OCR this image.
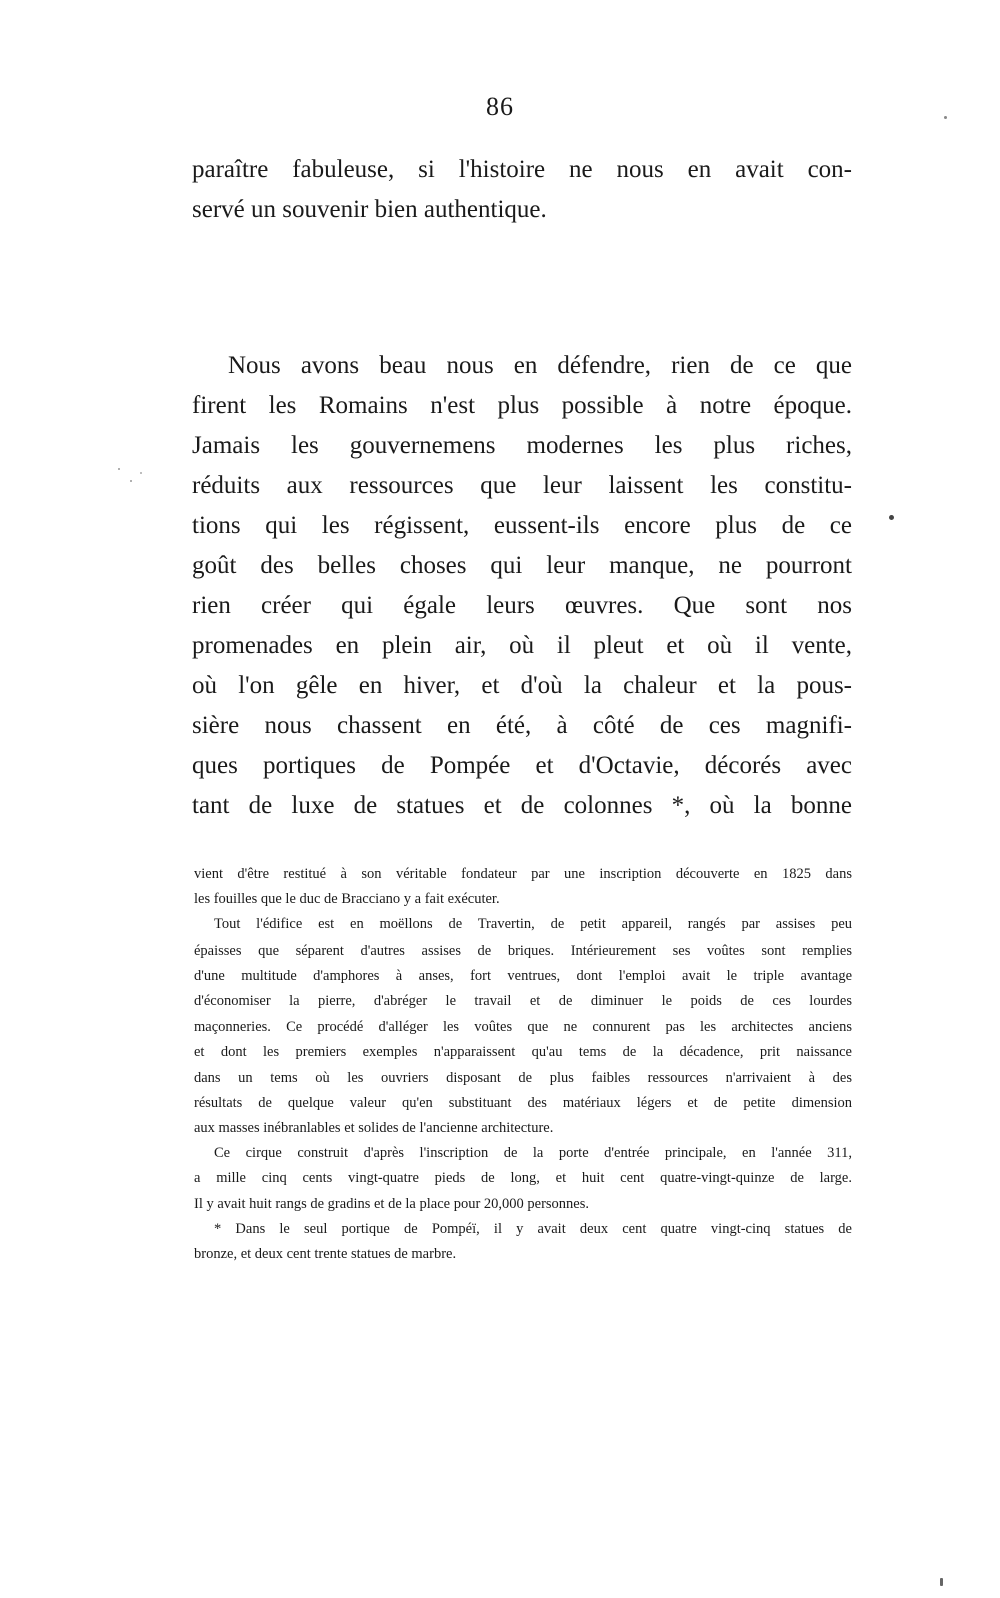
86
paraître fabuleuse, si l'histoire ne nous en avait con-
servé un souvenir bien authentique.
Nous avons beau nous en défendre, rien de ce que
firent les Romains n'est plus possible à notre époque.
Jamais les gouvernemens modernes les plus riches,
réduits aux ressources que leur laissent les constitu-
tions qui les régissent, eussent-ils encore plus de ce
goût des belles choses qui leur manque, ne pourront
rien créer qui égale leurs œuvres. Que sont nos
promenades en plein air, où il pleut et où il vente,
où l'on gêle en hiver, et d'où la chaleur et la pous-
sière nous chassent en été, à côté de ces magnifi-
ques portiques de Pompée et d'Octavie, décorés avec
tant de luxe de statues et de colonnes *, où la bonne
vient d'être restitué à son véritable fondateur par une inscription découverte en 1825 dans
les fouilles que le duc de Bracciano y a fait exécuter.
Tout l'édifice est en moëllons de Travertin, de petit appareil, rangés par assises peu
épaisses que séparent d'autres assises de briques. Intérieurement ses voûtes sont remplies
d'une multitude d'amphores à anses, fort ventrues, dont l'emploi avait le triple avantage
d'économiser la pierre, d'abréger le travail et de diminuer le poids de ces lourdes
maçonneries. Ce procédé d'alléger les voûtes que ne connurent pas les architectes anciens
et dont les premiers exemples n'apparaissent qu'au tems de la décadence, prit naissance
dans un tems où les ouvriers disposant de plus faibles ressources n'arrivaient à des
résultats de quelque valeur qu'en substituant des matériaux légers et de petite dimension
aux masses inébranlables et solides de l'ancienne architecture.
Ce cirque construit d'après l'inscription de la porte d'entrée principale, en l'année 311,
a mille cinq cents vingt-quatre pieds de long, et huit cent quatre-vingt-quinze de large.
Il y avait huit rangs de gradins et de la place pour 20,000 personnes.
* Dans le seul portique de Pompéï, il y avait deux cent quatre vingt-cinq statues de
bronze, et deux cent trente statues de marbre.
